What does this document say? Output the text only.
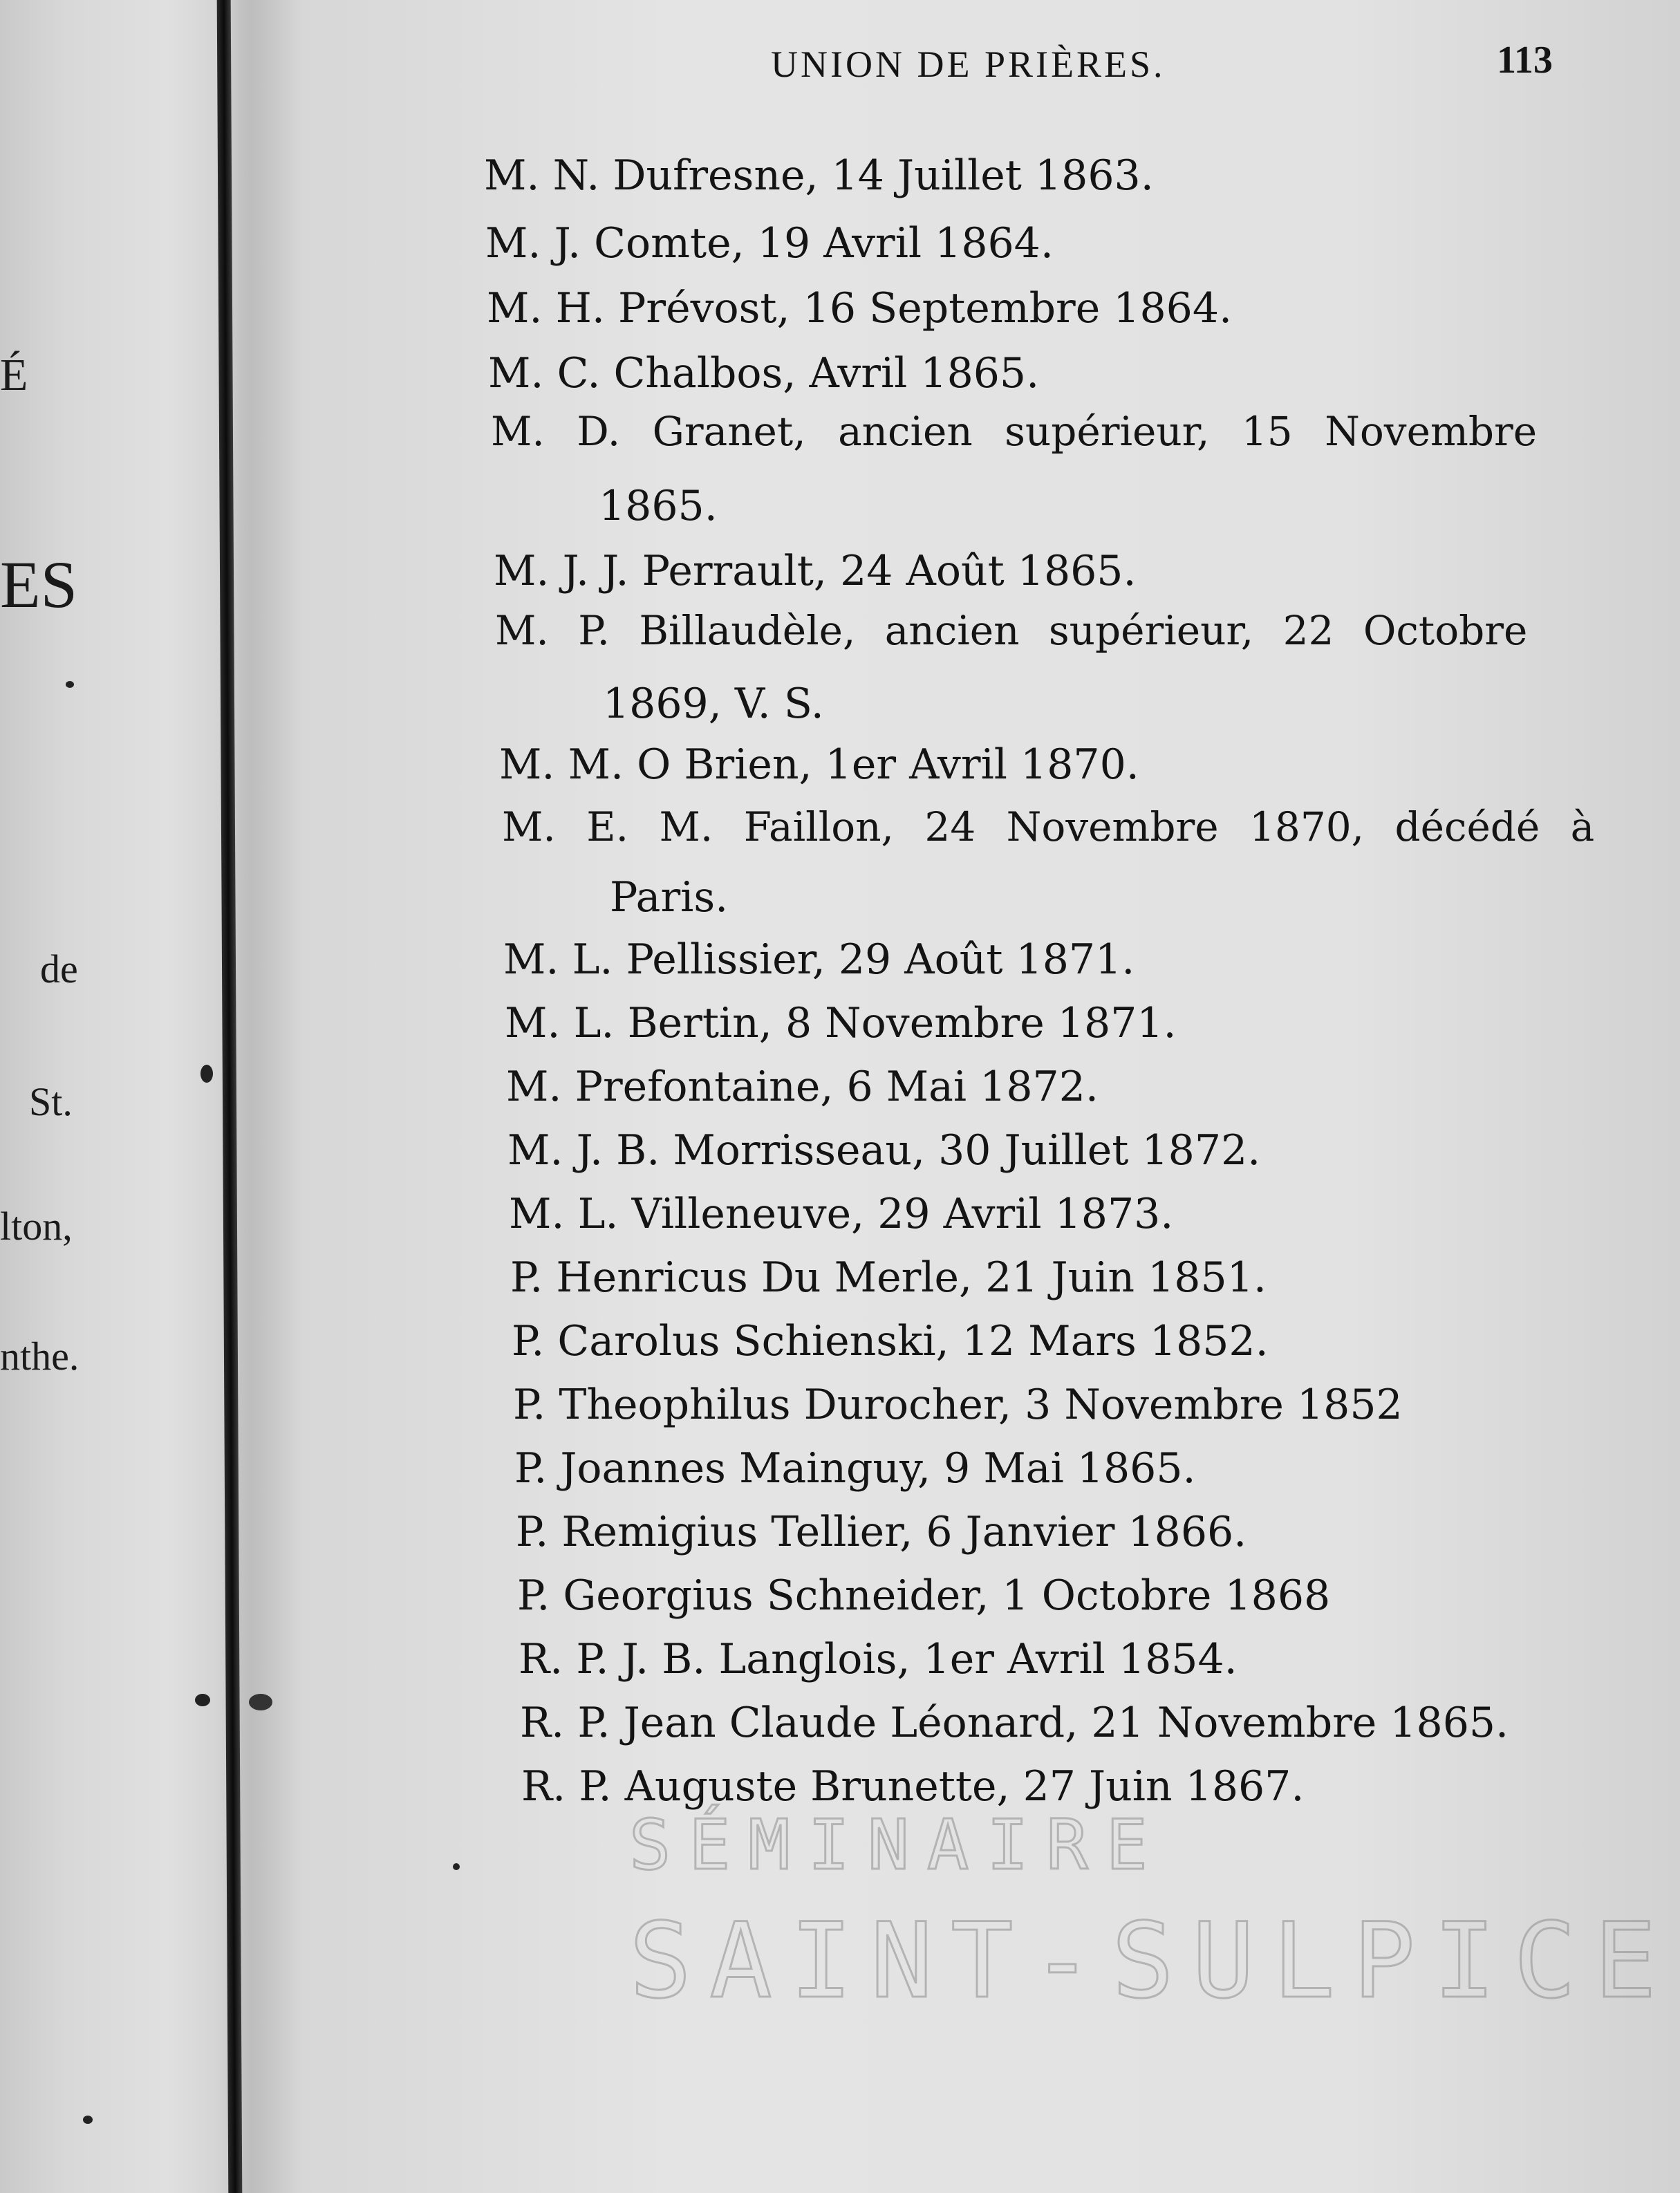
É
ES
de
St.
lton,
nthe.
UNION DE PRIÈRES.	113
M. N. Dufresne, 14 Juillet 1863.
M. J. Comte, 19 Avril 1864.
M. H. Prévost, 16 Septembre 1864.
M. C. Chalbos, Avril 1865.
M. D. Granet, ancien supérieur, 15 Novembre
1865.
M. J. J. Perrault, 24 Août 1865.
M. P. Billaudèle, ancien supérieur, 22 Octobre
1869, V. S.
M. M. O Brien, 1er Avril 1870.
M. E. M. Faillon, 24 Novembre 1870, décédé à
Paris.
M. L. Pellissier, 29 Août 1871.
M. L. Bertin, 8 Novembre 1871.
M. Prefontaine, 6 Mai 1872.
M. J. B. Morrisseau, 30 Juillet 1872.
M. L. Villeneuve, 29 Avril 1873.
P. Henricus Du Merle, 21 Juin 1851.
P. Carolus Schienski, 12 Mars 1852.
P. Theophilus Durocher, 3 Novembre 1852
P. Joannes Mainguy, 9 Mai 1865.
P. Remigius Tellier, 6 Janvier 1866.
P. Georgius Schneider, 1 Octobre 1868
R. P. J. B. Langlois, 1er Avril 1854.
R. P. Jean Claude Léonard, 21 Novembre 1865.
R. P. Auguste Brunette, 27 Juin 1867.
SÉMINAIRE
SAINT-SULPICE
